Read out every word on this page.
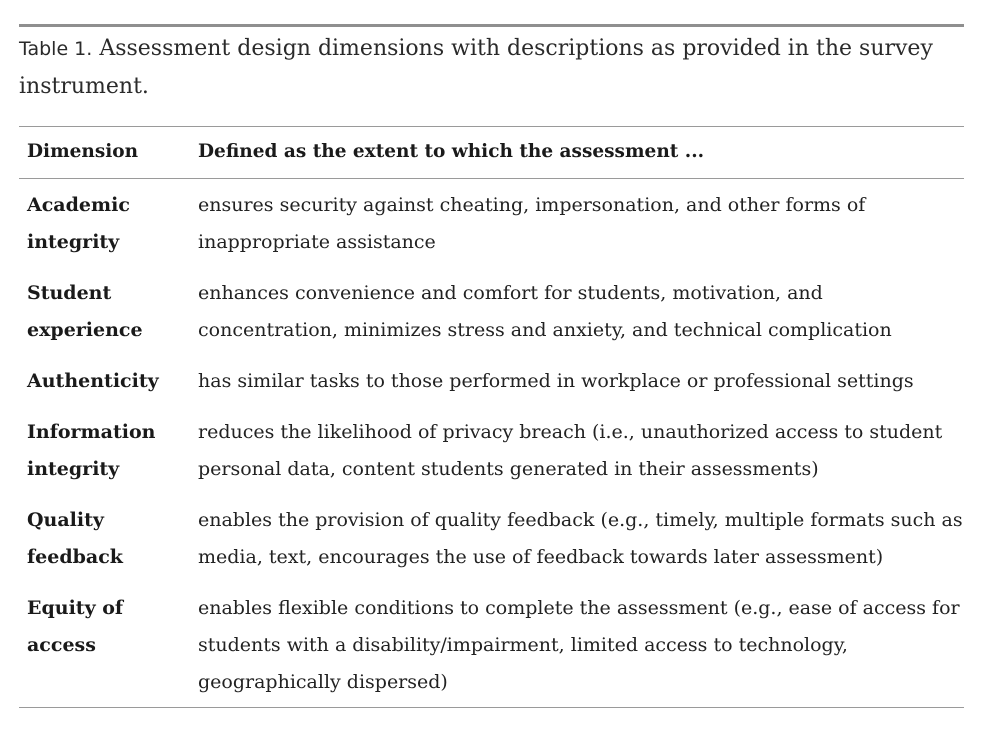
Table 1. Assessment design dimensions with descriptions as provided in the survey instrument.
Dimension	Defined as the extent to which the assessment ...
Academic integrity	ensures security against cheating, impersonation, and other forms of inappropriate assistance
Student experience	enhances convenience and comfort for students, motivation, and concentration, minimizes stress and anxiety, and technical complication
Authenticity	has similar tasks to those performed in workplace or professional settings
Information integrity	reduces the likelihood of privacy breach (i.e., unauthorized access to student personal data, content students generated in their assessments)
Quality feedback	enables the provision of quality feedback (e.g., timely, multiple formats such as media, text, encourages the use of feedback towards later assessment)
Equity of access	enables flexible conditions to complete the assessment (e.g., ease of access for students with a disability/impairment, limited access to technology, geographically dispersed)
